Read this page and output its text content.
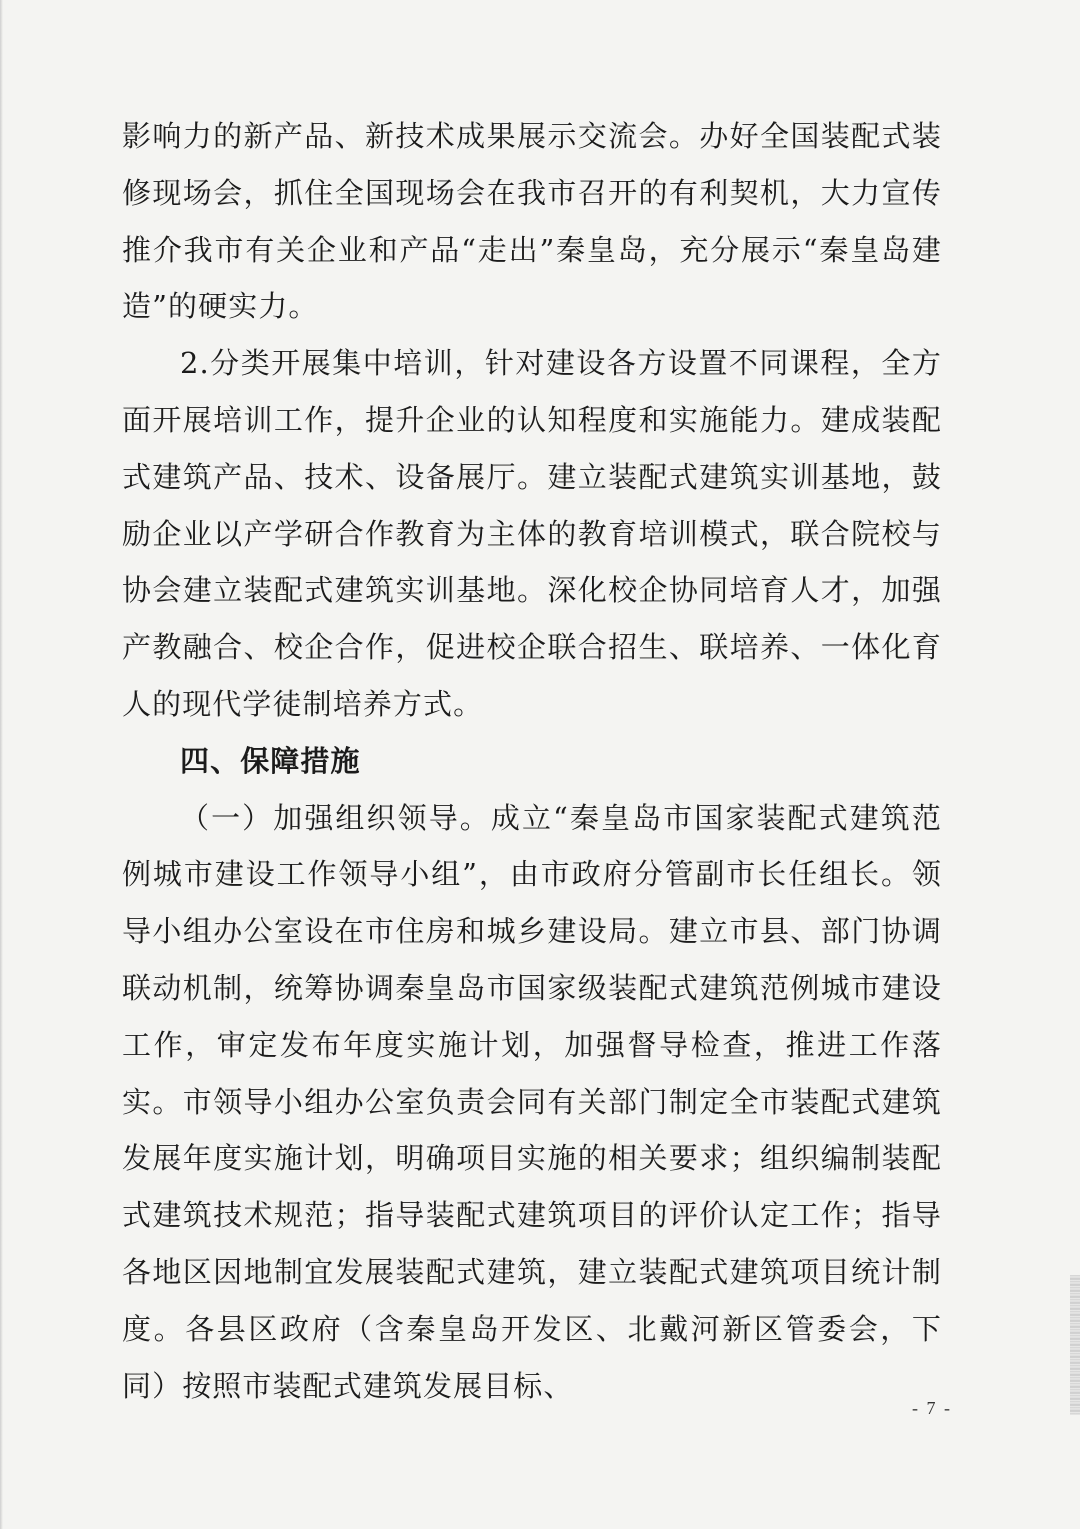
影响力的新产品、新技术成果展示交流会。办好全国装配式装修现场会，抓住全国现场会在我市召开的有利契机，大力宣传推介我市有关企业和产品“走出”秦皇岛，充分展示“秦皇岛建造”的硬实力。

2.分类开展集中培训，针对建设各方设置不同课程，全方面开展培训工作，提升企业的认知程度和实施能力。建成装配式建筑产品、技术、设备展厅。建立装配式建筑实训基地，鼓励企业以产学研合作教育为主体的教育培训模式，联合院校与协会建立装配式建筑实训基地。深化校企协同培育人才，加强产教融合、校企合作，促进校企联合招生、联培养、一体化育人的现代学徒制培养方式。

四、保障措施

（一）加强组织领导。成立“秦皇岛市国家装配式建筑范例城市建设工作领导小组”，由市政府分管副市长任组长。领导小组办公室设在市住房和城乡建设局。建立市县、部门协调联动机制，统筹协调秦皇岛市国家级装配式建筑范例城市建设工作，审定发布年度实施计划，加强督导检查，推进工作落实。市领导小组办公室负责会同有关部门制定全市装配式建筑发展年度实施计划，明确项目实施的相关要求；组织编制装配式建筑技术规范；指导装配式建筑项目的评价认定工作；指导各地区因地制宜发展装配式建筑，建立装配式建筑项目统计制度。各县区政府（含秦皇岛开发区、北戴河新区管委会，下同）按照市装配式建筑发展目标、

- 7 -
